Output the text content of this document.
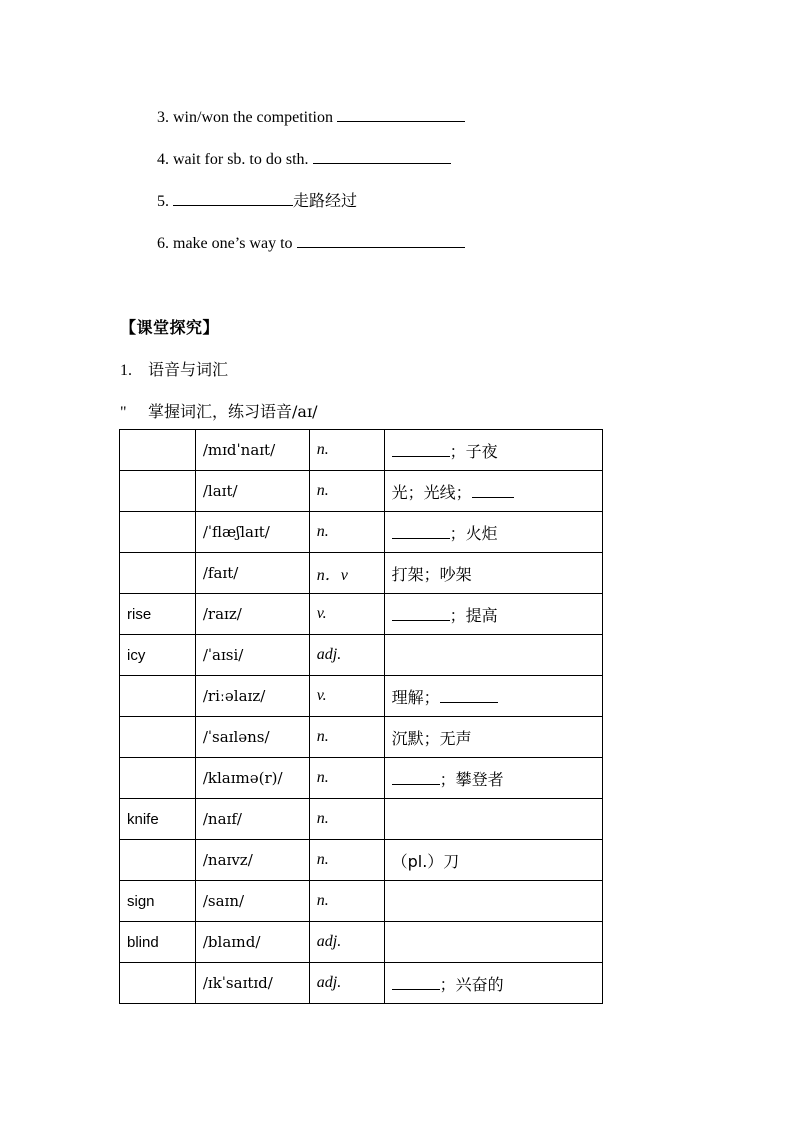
3. win/won the competition
4. wait for sb. to do sth.
5.	走路经过
6. make one’s way to
【课堂探究】
1. 语音与词汇
" 掌握词汇，练习语音/aɪ/
	/mɪdˈnaɪt/	n.	；子夜
	/laɪt/	n.	光；光线；
	/ˈflæʃlaɪt/	n.	；火炬
	/faɪt/	n．v	打架；吵架
rise	/raɪz/	v.	；提高
icy	/ˈaɪsi/	adj.	
	/riːəlaɪz/	v.	理解；
	/ˈsaɪləns/	n.	沉默；无声
	/klaɪmə(r)/	n.	；攀登者
knife	/naɪf/	n.	
	/naɪvz/	n.	（pl.）刀
sign	/saɪn/	n.	
blind	/blaɪnd/	adj.	
	/ɪkˈsaɪtɪd/	adj.	；兴奋的
